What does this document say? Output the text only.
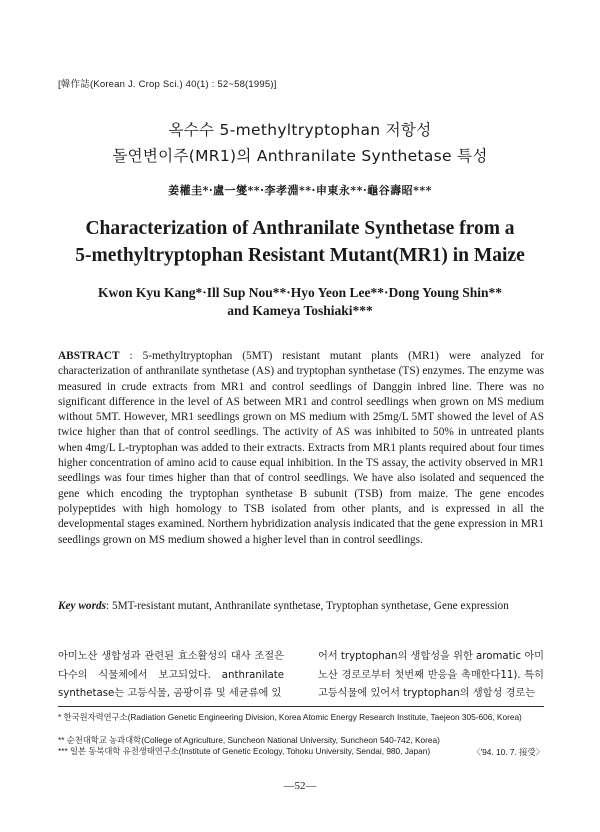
[韓作誌(Korean J. Crop Sci.) 40(1) : 52~58(1995)]
옥수수 5-methyltryptophan 저항성
돌연변이주(MR1)의 Anthranilate Synthetase 특성
姜權圭*·盧一燮**·李孝淵**·申東永**·龜谷壽昭***
Characterization of Anthranilate Synthetase from a
5-methyltryptophan Resistant Mutant(MR1) in Maize
Kwon Kyu Kang*·Ill Sup Nou**·Hyo Yeon Lee**·Dong Young Shin**
and Kameya Toshiaki***
ABSTRACT : 5-methyltryptophan (5MT) resistant mutant plants (MR1) were analyzed for characterization of anthranilate synthetase (AS) and tryptophan synthetase (TS) enzymes. The enzyme was measured in crude extracts from MR1 and control seedlings of Danggin inbred line. There was no significant difference in the level of AS between MR1 and control seedlings when grown on MS medium without 5MT. However, MR1 seedlings grown on MS medium with 25mg/L 5MT showed the level of AS twice higher than that of control seedlings. The activity of AS was inhibited to 50% in untreated plants when 4mg/L L-tryptophan was added to their extracts. Extracts from MR1 plants required about four times higher concentration of amino acid to cause equal inhibition. In the TS assay, the activity observed in MR1 seedlings was four times higher than that of control seedlings. We have also isolated and sequenced the gene which encoding the tryptophan synthetase B subunit (TSB) from maize. The gene encodes polypeptides with high homology to TSB isolated from other plants, and is expressed in all the developmental stages examined. Northern hybridization analysis indicated that the gene expression in MR1 seedlings grown on MS medium showed a higher level than in control seedlings.
Key words: 5MT-resistant mutant, Anthranilate synthetase, Tryptophan synthetase, Gene expression
아미노산 생합성과 관련된 효소활성의 대사 조절은 다수의 식물체에서 보고되었다. anthranilate synthetase는 고등식물, 곰팡이류 및 세균류에 있
어서 tryptophan의 생합성을 위한 aromatic 아미노산 경로로부터 첫번째 반응을 촉매한다11). 특히 고등식물에 있어서 tryptophan의 생합성 경로는
* 한국원자력연구소(Radiation Genetic Engineering Division, Korea Atomic Energy Research Institute, Taejeon 305-606, Korea)
** 순천대학교 농과대학(College of Agriculture, Suncheon National University, Suncheon 540-742, Korea)
*** 일본 동북대학 유전생태연구소(Institute of Genetic Ecology, Tohoku University, Sendai, 980, Japan)	〈'94. 10. 7. 接受〉
—52—
